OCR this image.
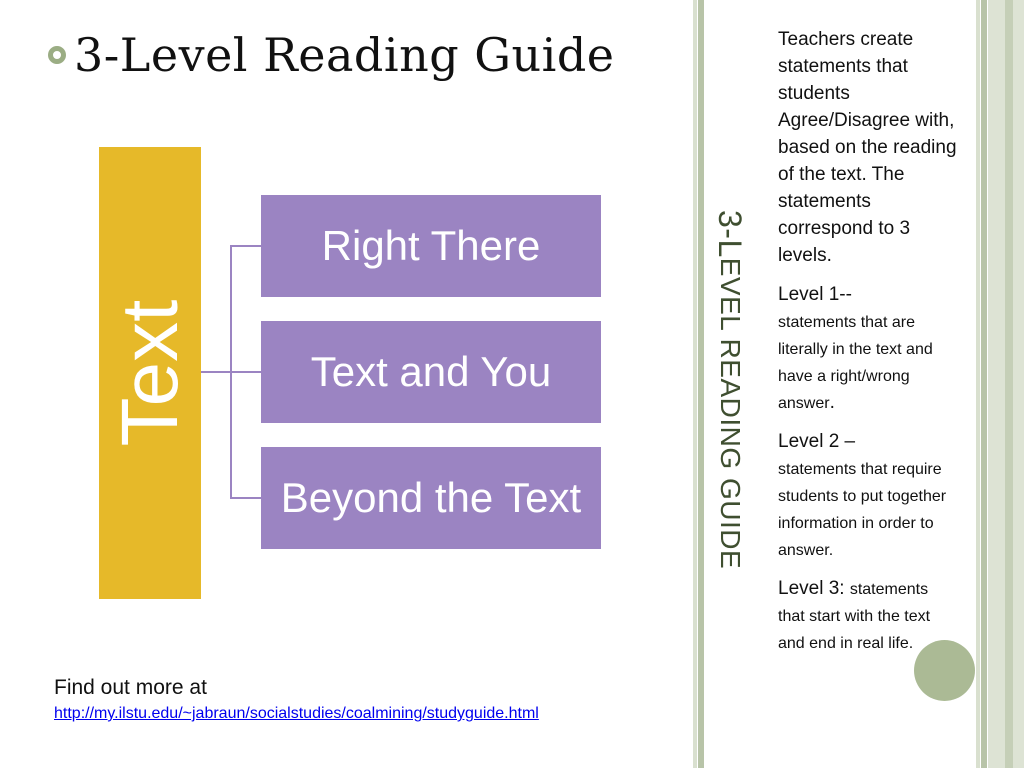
3-Level Reading Guide
Text
Right There
Text and You
Beyond the Text
Find out more at
http://my.ilstu.edu/~jabraun/socialstudies/coalmining/studyguide.html
3-LEVEL READING GUIDE

Teachers create statements that students Agree/Disagree with, based on the reading of the text. The statements correspond to 3 levels.

Level 1--
statements that are literally in the text and have a right/wrong answer.

Level 2 –
statements that require students to put together information in order to answer.

Level 3: statements that start with the text and end in real life.
